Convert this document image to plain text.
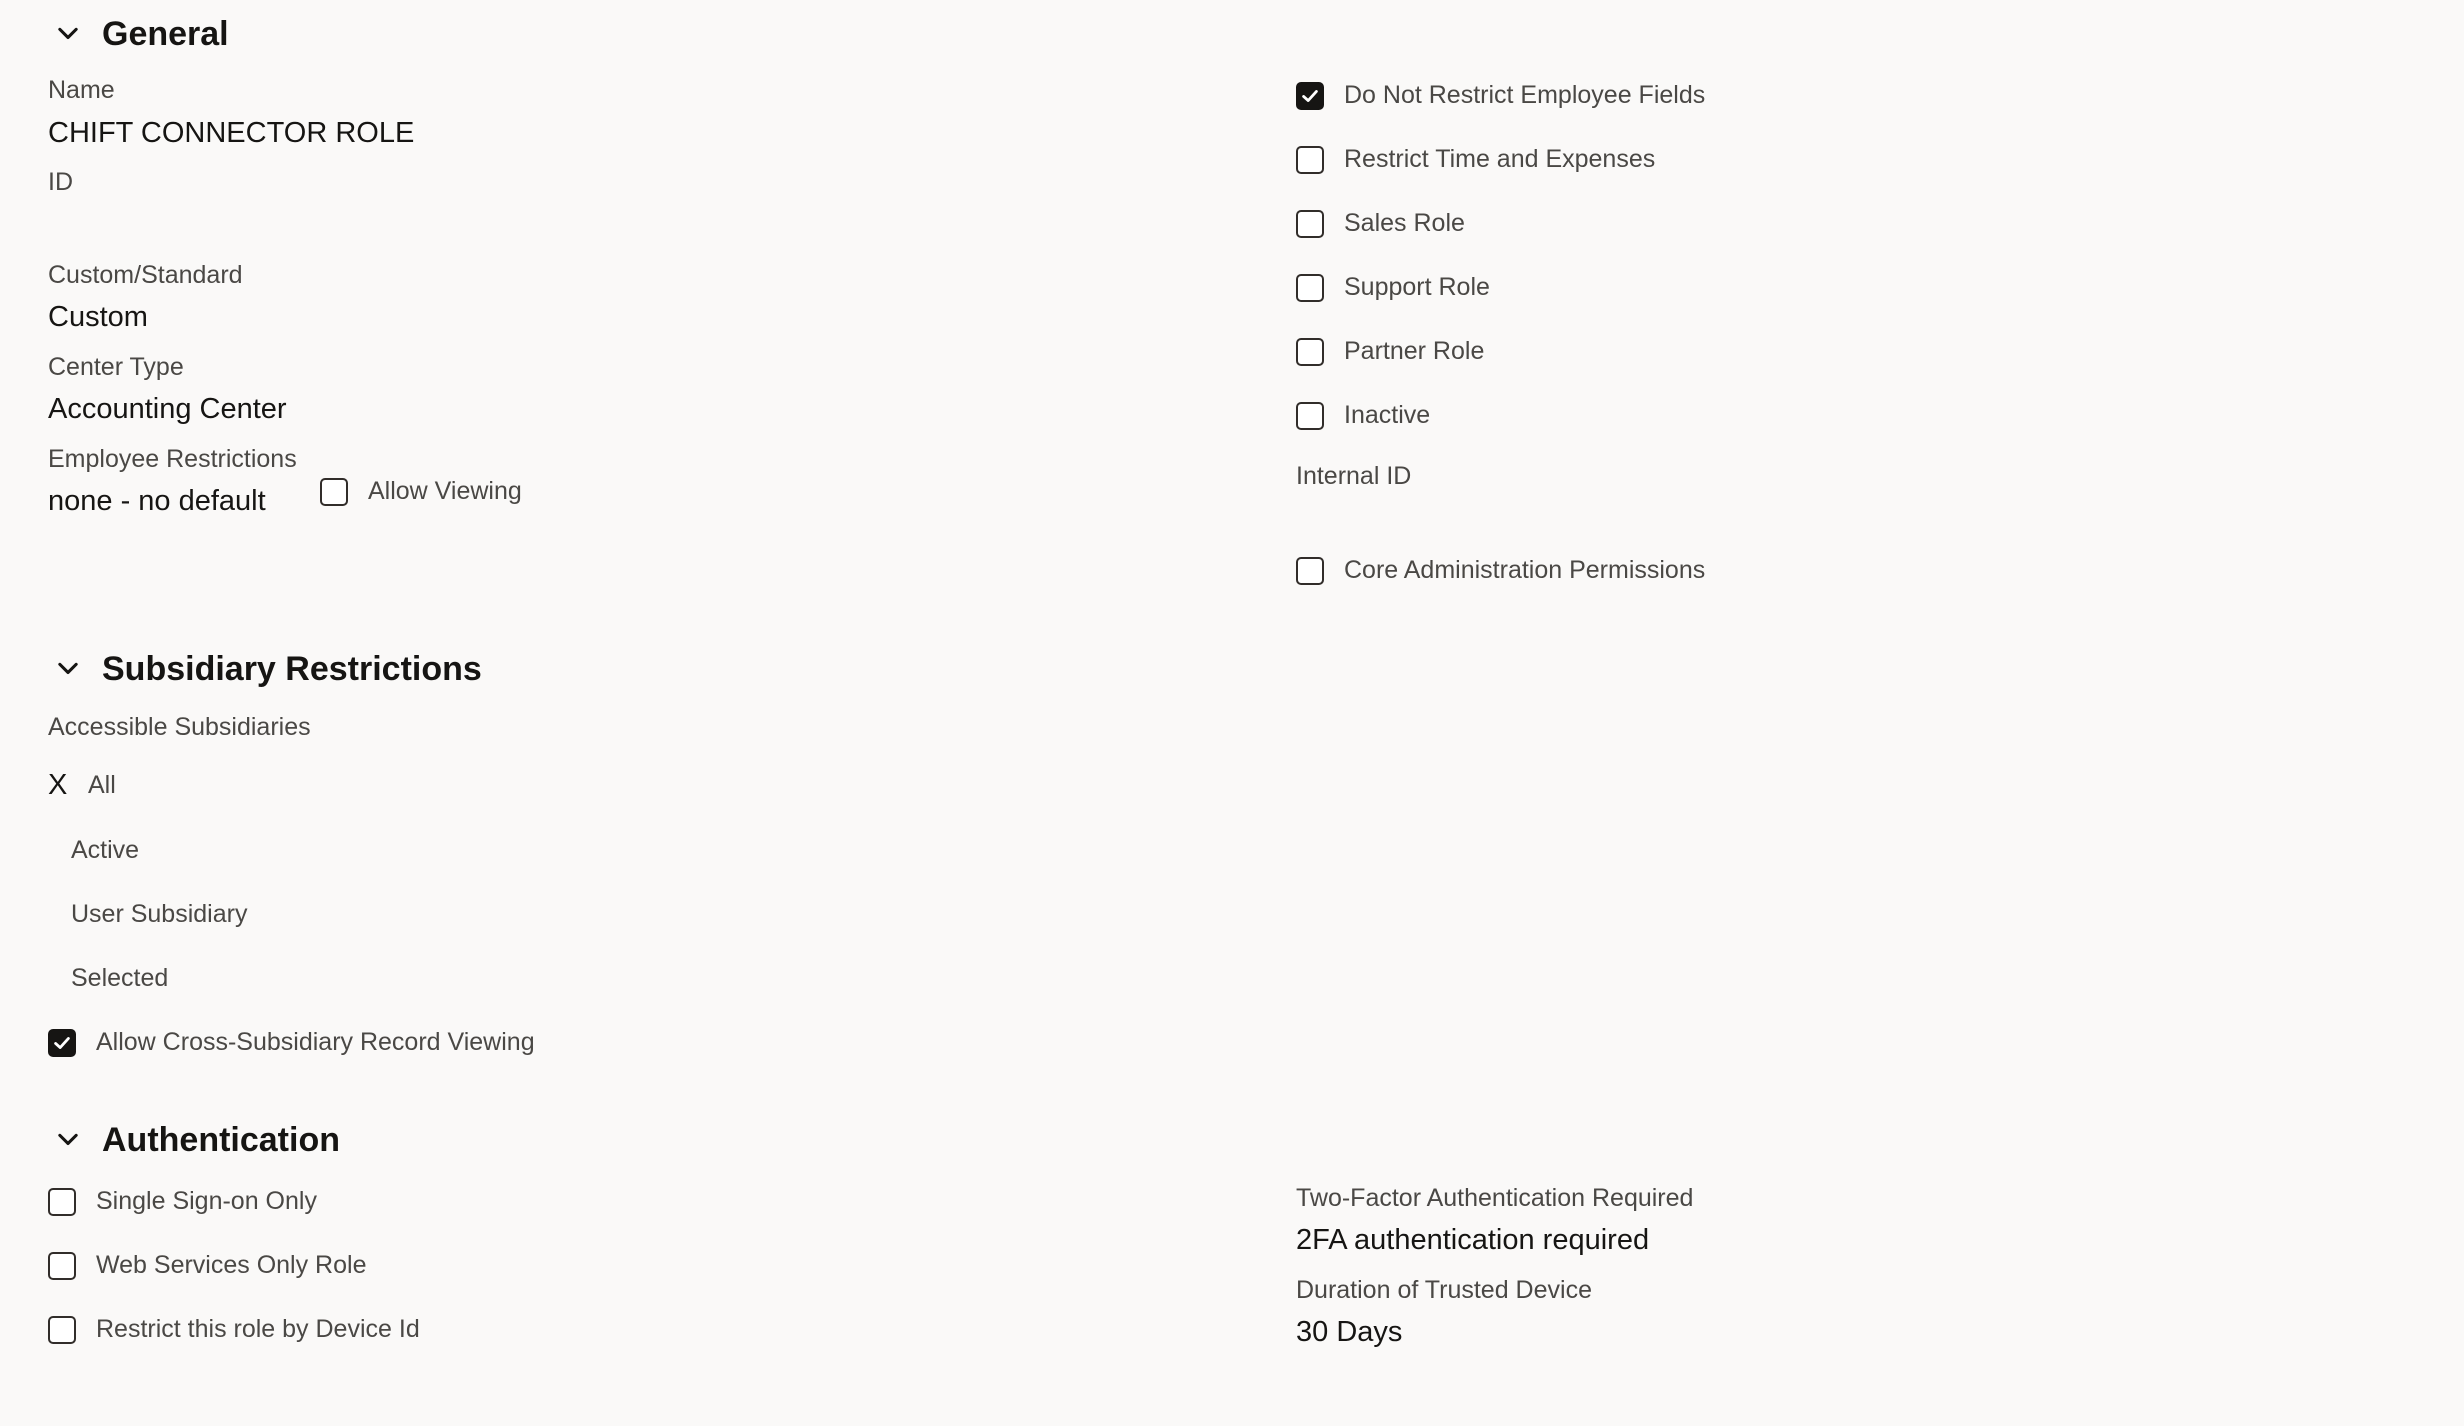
General
Name
CHIFT CONNECTOR ROLE
ID
Custom/Standard
Custom
Center Type
Accounting Center
Employee Restrictions
none - no default	Allow Viewing
Do Not Restrict Employee Fields
Restrict Time and Expenses
Sales Role
Support Role
Partner Role
Inactive
Internal ID
Core Administration Permissions
Subsidiary Restrictions
Accessible Subsidiaries
X All
Active
User Subsidiary
Selected
Allow Cross-Subsidiary Record Viewing
Authentication
Single Sign-on Only
Web Services Only Role
Restrict this role by Device Id
Two-Factor Authentication Required
2FA authentication required
Duration of Trusted Device
30 Days
